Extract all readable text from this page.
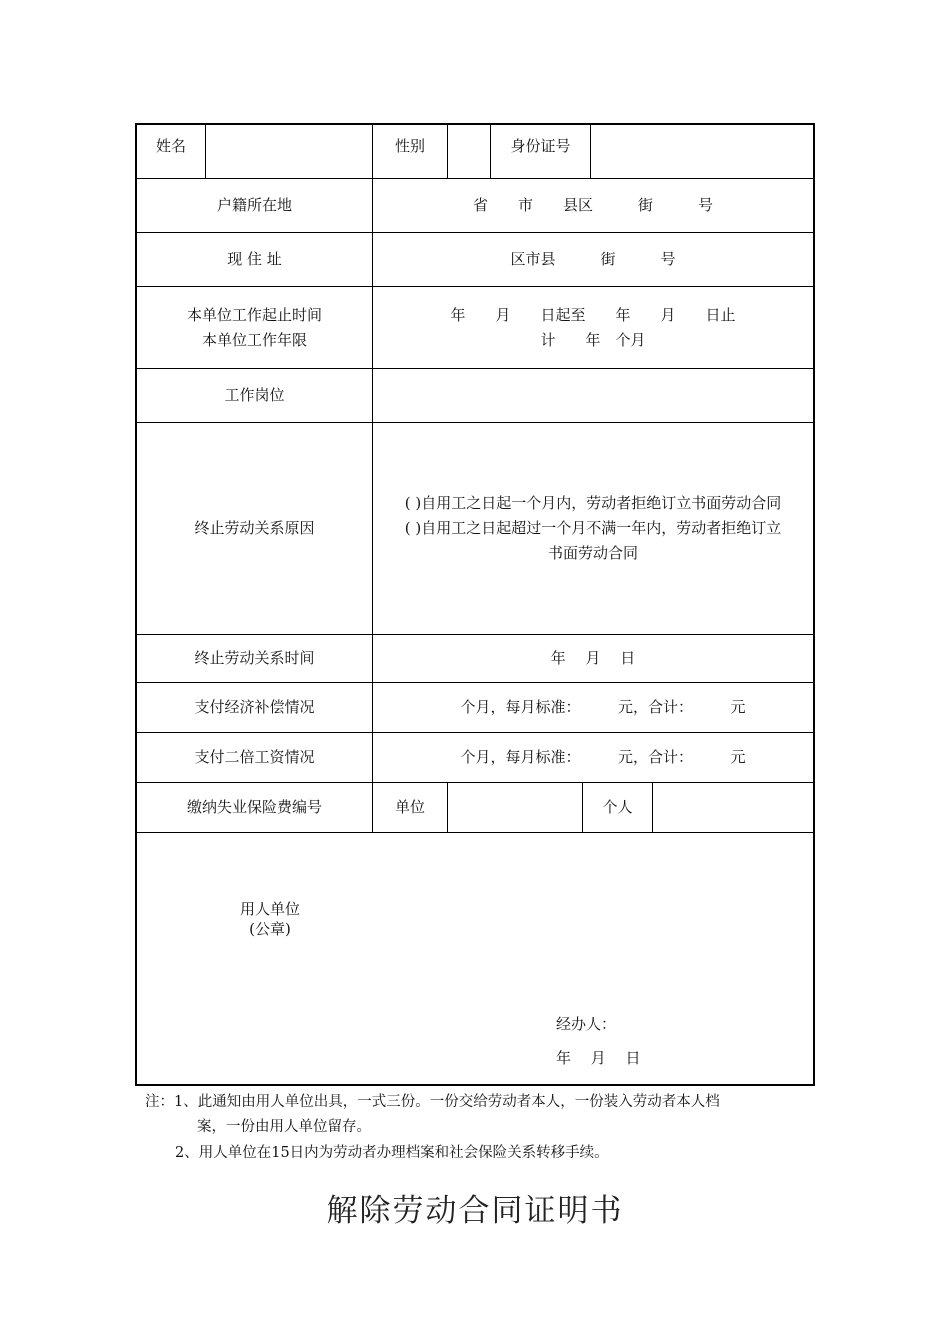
姓名	性别	身份证号
户籍所在地	省　　市　　县区　　　街　　　号
现 住 址	区市县　　　街　　　号
本单位工作起止时间
本单位工作年限
年　　月　　日起至　　年　　月　　日止
计　　年　个月
工作岗位
终止劳动关系原因
( )自用工之日起一个月内，劳动者拒绝订立书面劳动合同
( )自用工之日起超过一个月不满一年内，劳动者拒绝订立
书面劳动合同
终止劳动关系时间	年　 月　 日
支付经济补偿情况	个月，每月标准：　　　元，合计：　　　元
支付二倍工资情况	个月，每月标准：　　　元，合计：　　　元
缴纳失业保险费编号	单位	个人
用人单位
(公章)
经办人：
年　 月　 日
注：1、此通知由用人单位出具，一式三份。一份交给劳动者本人，一份装入劳动者本人档
案，一份由用人单位留存。
2、用人单位在15日内为劳动者办理档案和社会保险关系转移手续。
解除劳动合同证明书
